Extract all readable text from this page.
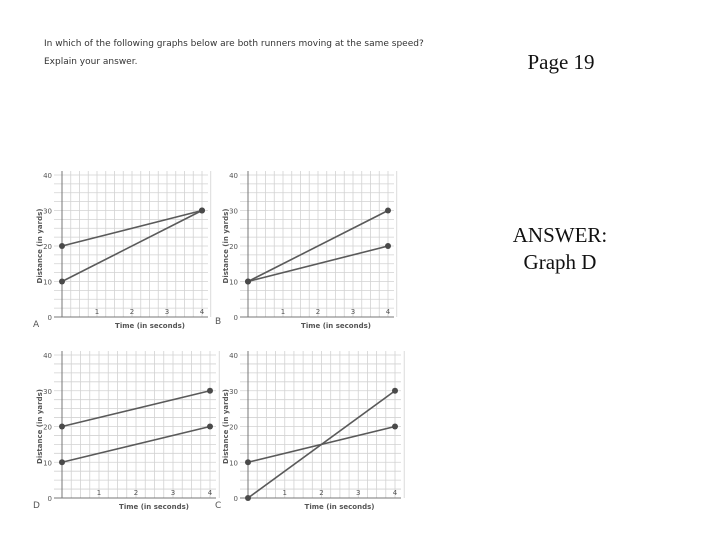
In which of the following graphs below are both runners moving at the same speed?
Explain your answer.	Page 19
ANSWER:
Graph D
0
10
20
30
40
1	2	3	4
Time (in seconds)
Distance (in yards)
A
0
10
20
30
40
1	2	3	4
Time (in seconds)
Distance (in yards)
B
0
10
20
30
40
1	2	3	4
Time (in seconds)
Distance (in yards)
D
0
10
20
30
40
1	2	3	4
Time (in seconds)
Distance (in yards)
C
